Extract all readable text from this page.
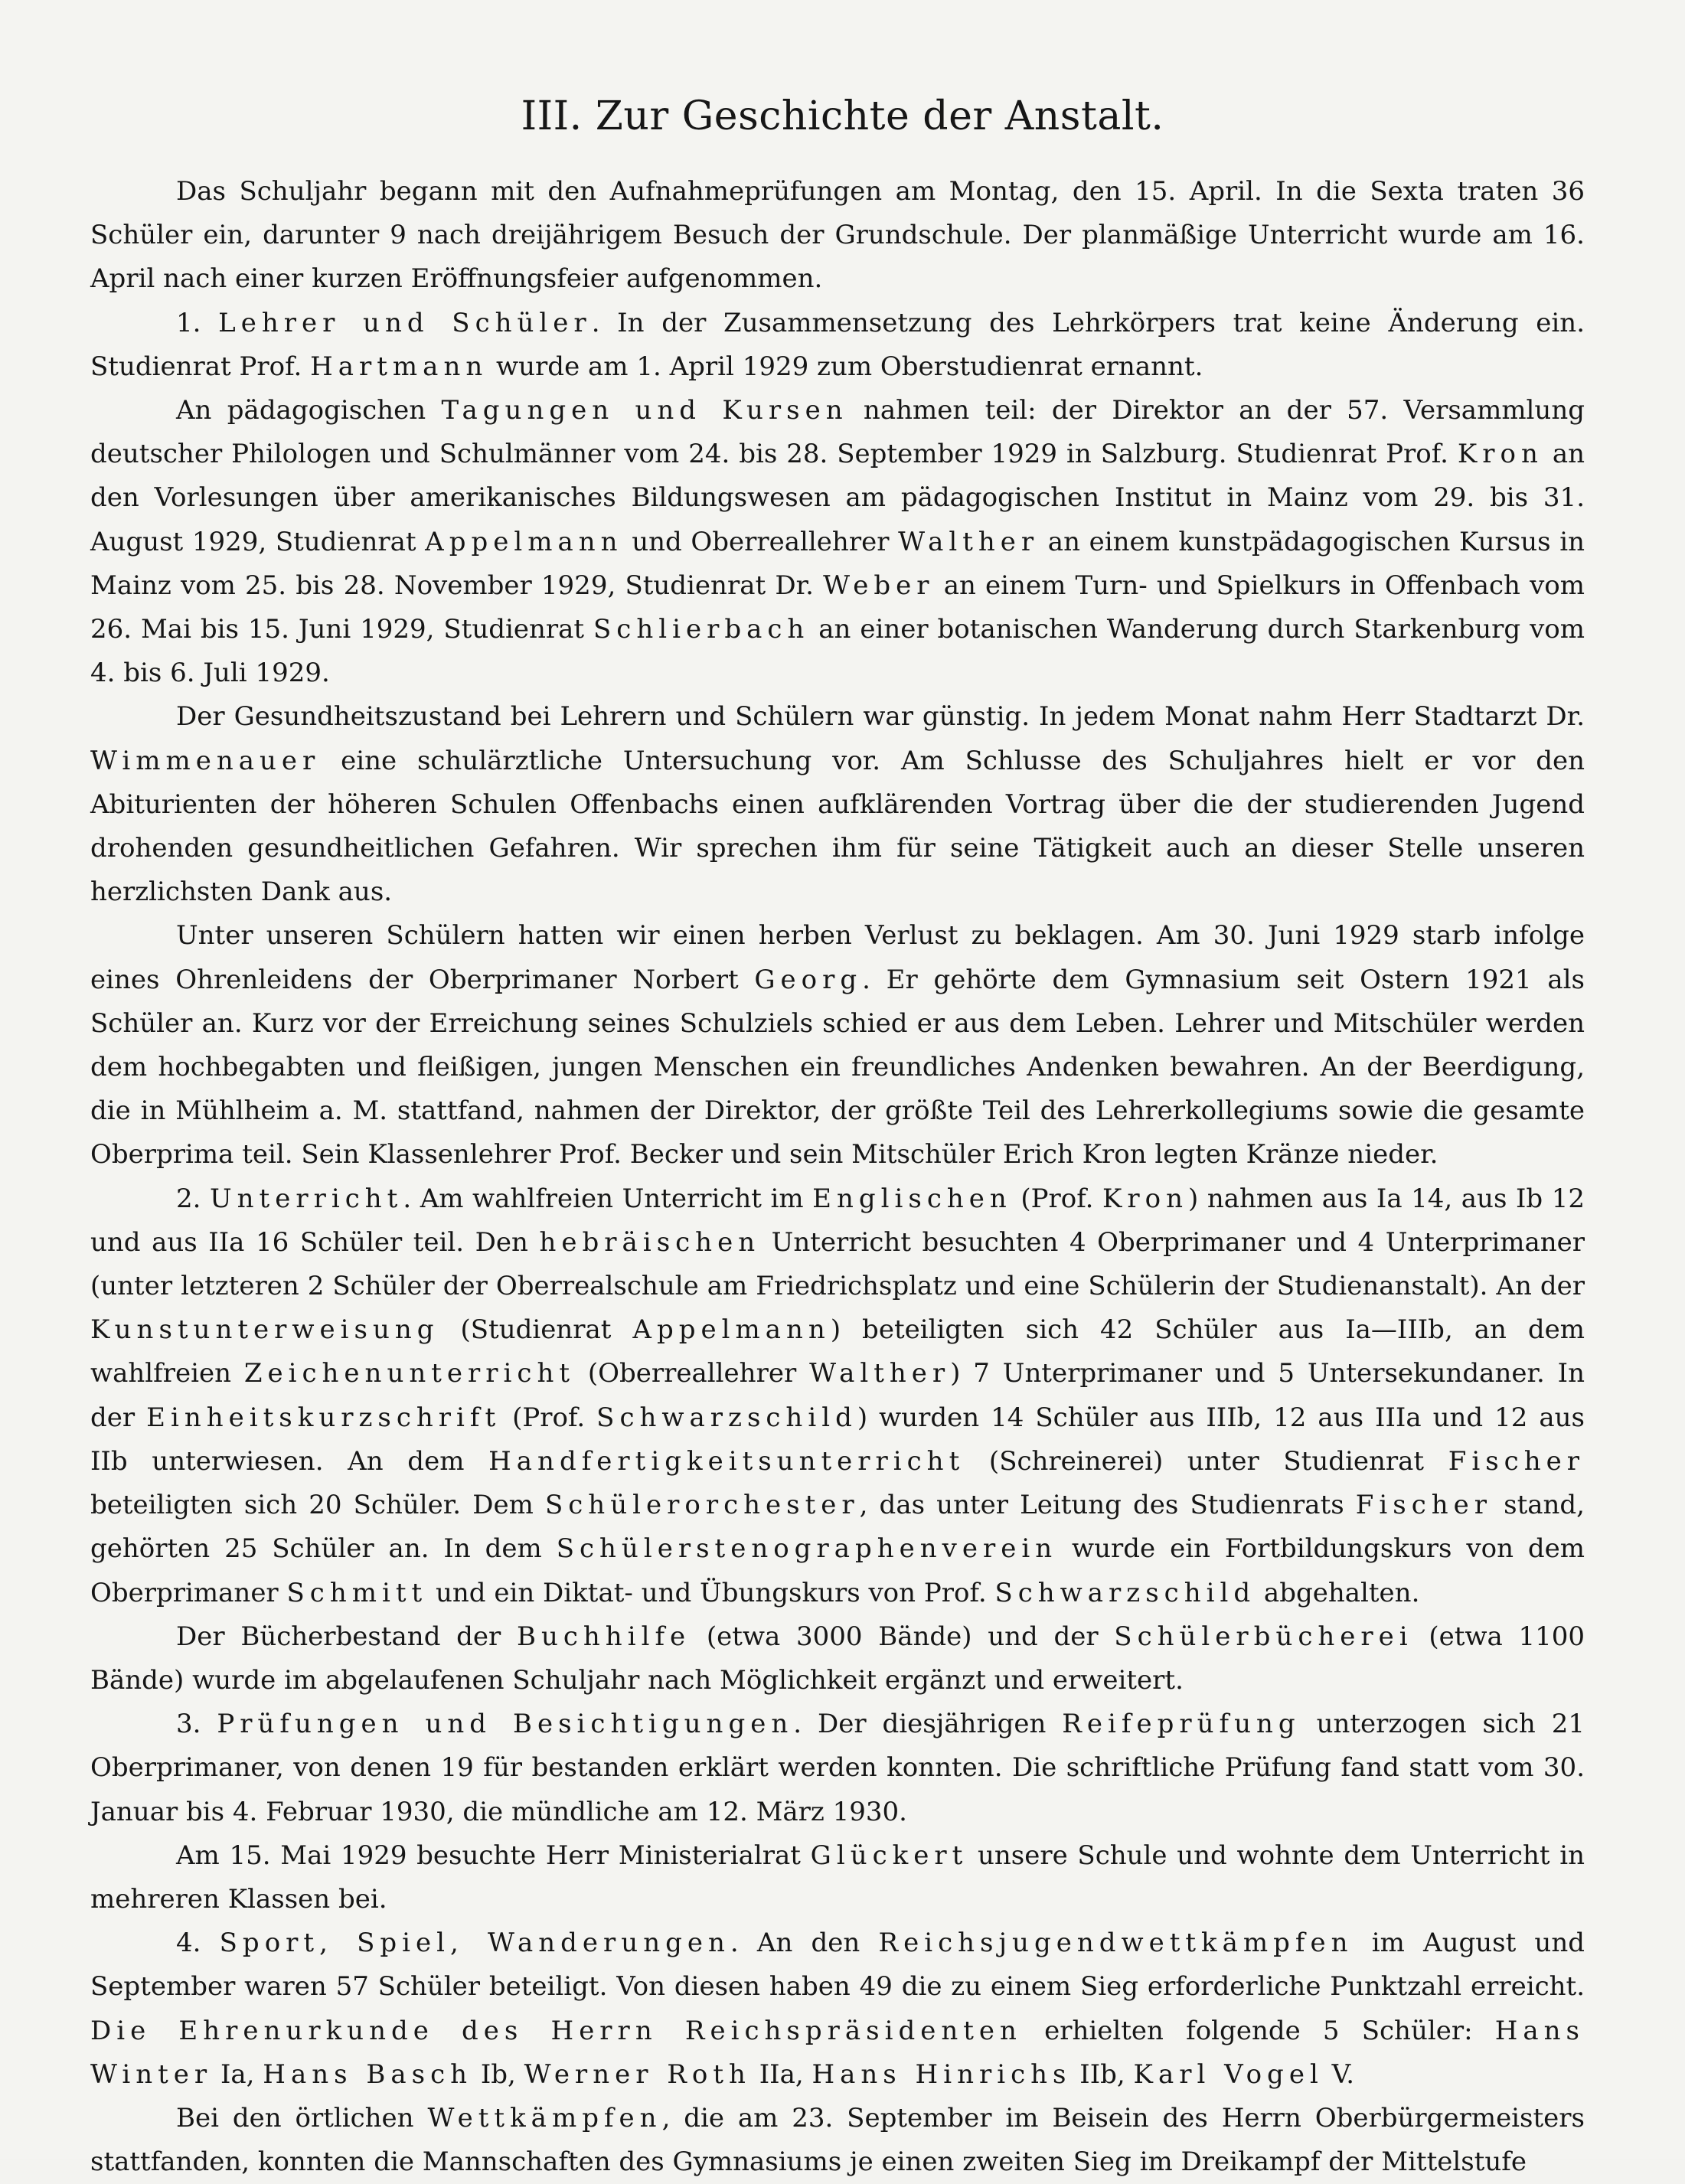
III. Zur Geschichte der Anstalt.

Das Schuljahr begann mit den Aufnahmeprüfungen am Montag, den 15. April. In die Sexta traten 36 Schüler ein, darunter 9 nach dreijährigem Besuch der Grundschule. Der planmäßige Unterricht wurde am 16. April nach einer kurzen Eröffnungsfeier aufgenommen.

1. Lehrer und Schüler. In der Zusammensetzung des Lehrkörpers trat keine Änderung ein. Studienrat Prof. Hartmann wurde am 1. April 1929 zum Oberstudienrat ernannt.

An pädagogischen Tagungen und Kursen nahmen teil: der Direktor an der 57. Versammlung deutscher Philologen und Schulmänner vom 24. bis 28. September 1929 in Salzburg. Studienrat Prof. Kron an den Vorlesungen über amerikanisches Bildungswesen am pädagogischen Institut in Mainz vom 29. bis 31. August 1929, Studienrat Appelmann und Oberreallehrer Walther an einem kunstpädagogischen Kursus in Mainz vom 25. bis 28. November 1929, Studienrat Dr. Weber an einem Turn- und Spielkurs in Offenbach vom 26. Mai bis 15. Juni 1929, Studienrat Schlierbach an einer botanischen Wanderung durch Starkenburg vom 4. bis 6. Juli 1929.

Der Gesundheitszustand bei Lehrern und Schülern war günstig. In jedem Monat nahm Herr Stadtarzt Dr. Wimmenauer eine schulärztliche Untersuchung vor. Am Schlusse des Schuljahres hielt er vor den Abiturienten der höheren Schulen Offenbachs einen aufklärenden Vortrag über die der studierenden Jugend drohenden gesundheitlichen Gefahren. Wir sprechen ihm für seine Tätigkeit auch an dieser Stelle unseren herzlichsten Dank aus.

Unter unseren Schülern hatten wir einen herben Verlust zu beklagen. Am 30. Juni 1929 starb infolge eines Ohrenleidens der Oberprimaner Norbert Georg. Er gehörte dem Gymnasium seit Ostern 1921 als Schüler an. Kurz vor der Erreichung seines Schulziels schied er aus dem Leben. Lehrer und Mitschüler werden dem hochbegabten und fleißigen, jungen Menschen ein freundliches Andenken bewahren. An der Beerdigung, die in Mühlheim a. M. stattfand, nahmen der Direktor, der größte Teil des Lehrerkollegiums sowie die gesamte Oberprima teil. Sein Klassenlehrer Prof. Becker und sein Mitschüler Erich Kron legten Kränze nieder.

2. Unterricht. Am wahlfreien Unterricht im Englischen (Prof. Kron) nahmen aus Ia 14, aus Ib 12 und aus IIa 16 Schüler teil. Den hebräischen Unterricht besuchten 4 Oberprimaner und 4 Unterprimaner (unter letzteren 2 Schüler der Oberrealschule am Friedrichsplatz und eine Schülerin der Studienanstalt). An der Kunstunterweisung (Studienrat Appelmann) beteiligten sich 42 Schüler aus Ia—IIIb, an dem wahlfreien Zeichenunterricht (Oberreallehrer Walther) 7 Unterprimaner und 5 Untersekundaner. In der Einheitskurzschrift (Prof. Schwarzschild) wurden 14 Schüler aus IIIb, 12 aus IIIa und 12 aus IIb unterwiesen. An dem Handfertigkeitsunterricht (Schreinerei) unter Studienrat Fischer beteiligten sich 20 Schüler. Dem Schülerorchester, das unter Leitung des Studienrats Fischer stand, gehörten 25 Schüler an. In dem Schülerstenographenverein wurde ein Fortbildungskurs von dem Oberprimaner Schmitt und ein Diktat- und Übungskurs von Prof. Schwarzschild abgehalten.

Der Bücherbestand der Buchhilfe (etwa 3000 Bände) und der Schülerbücherei (etwa 1100 Bände) wurde im abgelaufenen Schuljahr nach Möglichkeit ergänzt und erweitert.

3. Prüfungen und Besichtigungen. Der diesjährigen Reifeprüfung unterzogen sich 21 Oberprimaner, von denen 19 für bestanden erklärt werden konnten. Die schriftliche Prüfung fand statt vom 30. Januar bis 4. Februar 1930, die mündliche am 12. März 1930.

Am 15. Mai 1929 besuchte Herr Ministerialrat Glückert unsere Schule und wohnte dem Unterricht in mehreren Klassen bei.

4. Sport, Spiel, Wanderungen. An den Reichsjugendwettkämpfen im August und September waren 57 Schüler beteiligt. Von diesen haben 49 die zu einem Sieg erforderliche Punktzahl erreicht. Die Ehrenurkunde des Herrn Reichspräsidenten erhielten folgende 5 Schüler: Hans Winter Ia, Hans Basch Ib, Werner Roth IIa, Hans Hinrichs IIb, Karl Vogel V.

Bei den örtlichen Wettkämpfen, die am 23. September im Beisein des Herrn Oberbürgermeisters stattfanden, konnten die Mannschaften des Gymnasiums je einen zweiten Sieg im Dreikampf der Mittelstufe
